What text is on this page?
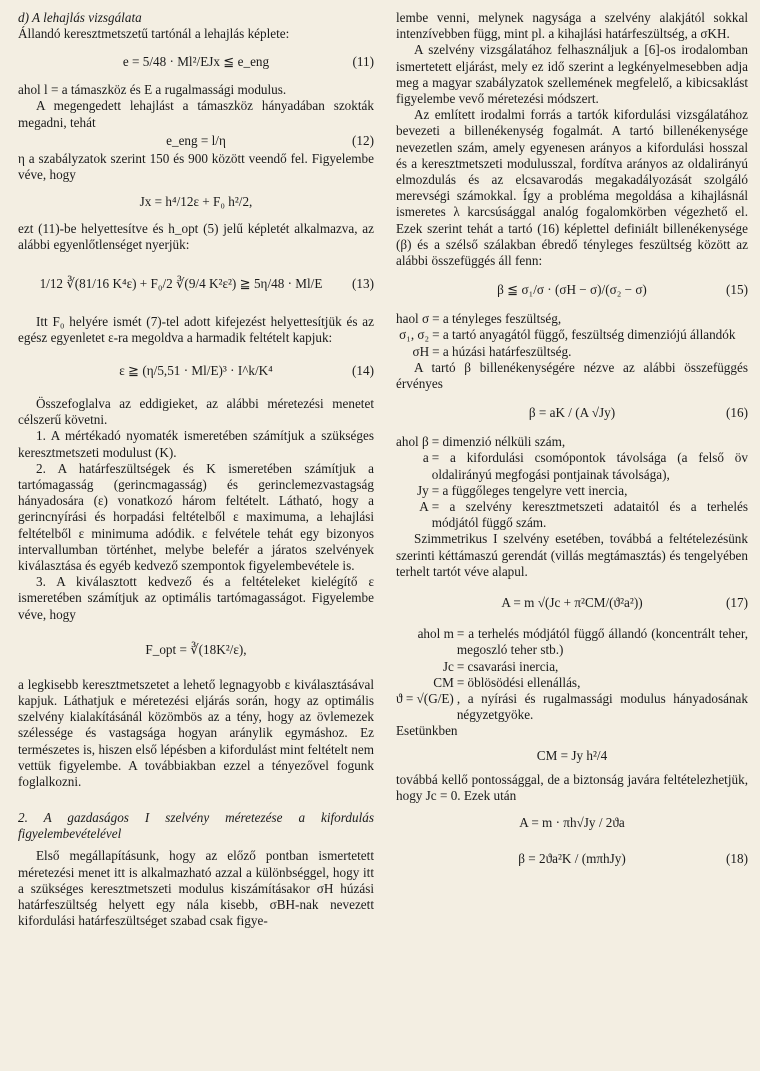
d) A lehajlás vizsgálata

Állandó keresztmetszetű tartónál a lehajlás képlete:

e = 5/48 · Ml²/EJx ≦ e_eng	(11)

ahol l = a támaszköz és E a rugalmassági modulus.

A megengedett lehajlást a támaszköz hányadában szokták megadni, tehát

e_eng = l/η	(12)

η a szabályzatok szerint 150 és 900 között veendő fel. Figyelembe véve, hogy

Jx = h⁴/12ε + F₀ h²/2,

ezt (11)-be helyettesítve és h_opt (5) jelű képletét alkalmazva, az alábbi egyenlőtlenséget nyerjük:

1/12 ∛(81/16 K⁴ε) + F₀/2 ∛(9/4 K²ε²) ≧ 5η/48 · Ml/E	(13)

Itt F₀ helyére ismét (7)-tel adott kifejezést helyettesítjük és az egész egyenletet ε-ra megoldva a harmadik feltételt kapjuk:

ε ≧ (η/5,51 · Ml/E)³ · I^k/K⁴	(14)

Összefoglalva az eddigieket, az alábbi méretezési menetet célszerű követni.

1. A mértékadó nyomaték ismeretében számítjuk a szükséges keresztmetszeti modulust (K).

2. A határfeszültségek és K ismeretében számítjuk a tartómagasság (gerincmagasság) és gerinclemezvastagság hányadosára (ε) vonatkozó három feltételt. Látható, hogy a gerincnyírási és horpadási feltételből ε maximuma, a lehajlási feltételből ε minimuma adódik. ε felvétele tehát egy bizonyos intervallumban történhet, melybe belefér a járatos szelvények kiválasztása és egyéb kedvező szempontok figyelembevétele is.

3. A kiválasztott kedvező és a feltételeket kielégítő ε ismeretében számítjuk az optimális tartómagasságot. Figyelembe véve, hogy

F_opt = ∛(18K²/ε),

a legkisebb keresztmetszetet a lehető legnagyobb ε kiválasztásával kapjuk. Láthatjuk e méretezési eljárás során, hogy az optimális szelvény kialakításánál közömbös az a tény, hogy az övlemezek szélessége és vastagsága hogyan aránylik egymáshoz. Ez természetes is, hiszen első lépésben a kifordulást mint feltételt nem vettük figyelembe. A továbbiakban ezzel a tényezővel fogunk foglalkozni.

2. A gazdaságos I szelvény méretezése a kifordulás figyelembevételével

Első megállapításunk, hogy az előző pontban ismertetett méretezési menet itt is alkalmazható azzal a különbséggel, hogy itt a szükséges keresztmetszeti modulus kiszámításakor σH húzási határfeszültség helyett egy nála kisebb, σBH-nak nevezett kifordulási határfeszültséget szabad csak figye-

lembe venni, melynek nagysága a szelvény alakjától sokkal intenzívebben függ, mint pl. a kihajlási határfeszültség, a σKH.

A szelvény vizsgálatához felhasználjuk a [6]-os irodalomban ismertetett eljárást, mely ez idő szerint a legkényelmesebben adja meg a magyar szabályzatok szellemének megfelelő, a kibicsaklást figyelembe vevő méretezési módszert.

Az említett irodalmi forrás a tartók kifordulási vizsgálatához bevezeti a billenékenység fogalmát. A tartó billenékenysége nevezetlen szám, amely egyenesen arányos a kifordulási hosszal és a keresztmetszeti modulusszal, fordítva arányos az oldalirányú elmozdulás és az elcsavarodás megakadályozását szolgáló merevségi számokkal. Így a probléma megoldása a kihajlásnál ismeretes λ karcsúsággal analóg fogalomkörben végezhető el. Ezek szerint tehát a tartó (16) képlettel definiált billenékenysége (β) és a szélső szálakban ébredő tényleges feszültség között az alábbi összefüggés áll fenn:

β ≦ σ₁/σ · (σH − σ)/(σ₂ − σ)	(15)
haol σ = a tényleges feszültség,
σ₁, σ₂ = a tartó anyagától függő, feszültség dimenziójú állandók
σH = a húzási határfeszültség.

A tartó β billenékenységére nézve az alábbi összefüggés érvényes

β = aK / (A √Jy)	(16)
ahol β = dimenzió nélküli szám,
a = a kifordulási csomópontok távolsága (a felső öv oldalirányú megfogási pontjainak távolsága),
Jy = a függőleges tengelyre vett inercia,
A = a szelvény keresztmetszeti adataitól és a terhelés módjától függő szám.

Szimmetrikus I szelvény esetében, továbbá a feltételezésünk szerinti kéttámaszú gerendát (villás megtámasztás) és tengelyében terhelt tartót véve alapul.

A = m √(Jc + π²CM/(ϑ²a²))	(17)
ahol m = a terhelés módjától függő állandó (koncentrált teher, megoszló teher stb.)
Jc = csavarási inercia,
CM = öblösödési ellenállás,
ϑ = √(G/E) , a nyírási és rugalmassági modulus hányadosának négyzetgyöke.

Esetünkben

CM = Jy h²/4

továbbá kellő pontossággal, de a biztonság javára feltételezhetjük, hogy Jc = 0. Ezek után

A = m · πh√Jy / 2ϑa
β = 2ϑa²K / (mπhJy)	(18)
